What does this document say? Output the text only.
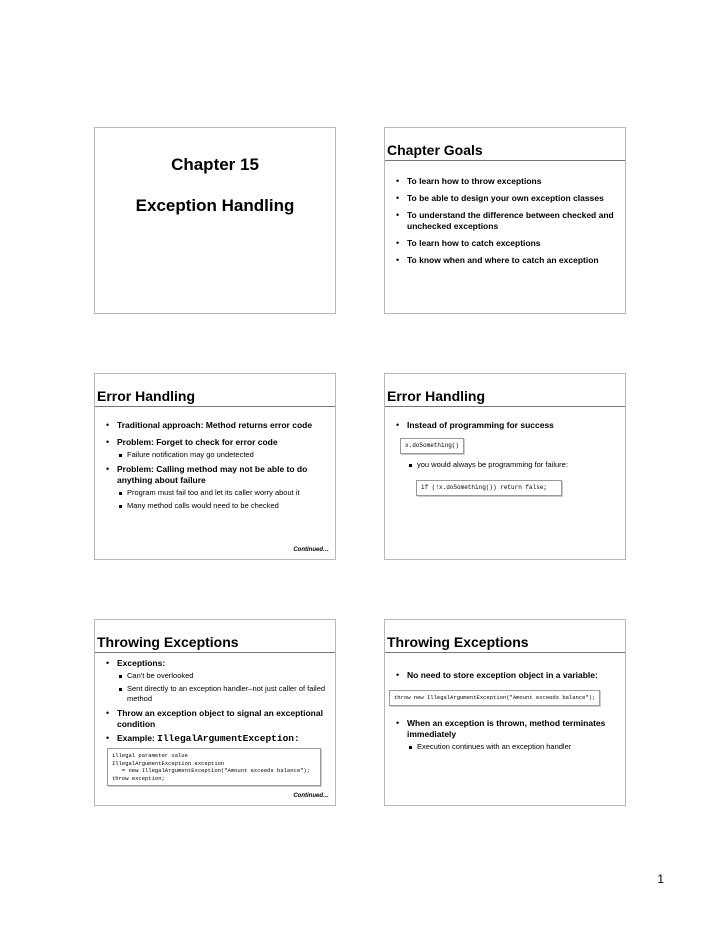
Chapter 15
Exception Handling
Chapter Goals
• To learn how to throw exceptions
• To be able to design your own exception classes
• To understand the difference between checked and unchecked exceptions
• To learn how to catch exceptions
• To know when and where to catch an exception
Error Handling
• Traditional approach: Method returns error code
• Problem: Forget to check for error code
Failure notification may go undetected
• Problem: Calling method may not be able to do anything about failure
Program must fail too and let its caller worry about it
Many method calls would need to be checked
Continued…
Error Handling
• Instead of programming for success
x.doSomething()
you would always be programming for failure:
if (!x.doSomething()) return false;
Throwing Exceptions
• Exceptions:
Can't be overlooked
Sent directly to an exception handler–not just caller of failed method
• Throw an exception object to signal an exceptional condition
• Example: IllegalArgumentException:
illegal parameter value
IllegalArgumentException exception
= new IllegalArgumentException("Amount exceeds balance");
throw exception;
Continued…
Throwing Exceptions
• No need to store exception object in a variable:
throw new IllegalArgumentException("Amount exceeds balance");
• When an exception is thrown, method terminates immediately
Execution continues with an exception handler
1
